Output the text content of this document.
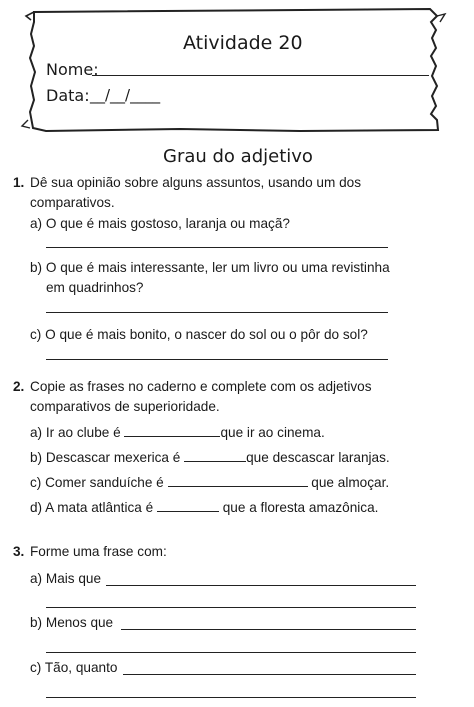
Atividade 20
Nome:
Data: __/__/____
Grau do adjetivo
1. Dê sua opinião sobre alguns assuntos, usando um dos
comparativos.
a) O que é mais gostoso, laranja ou maçã?
b) O que é mais interessante, ler um livro ou uma revistinha
em quadrinhos?
c) O que é mais bonito, o nascer do sol ou o pôr do sol?
2. Copie as frases no caderno e complete com os adjetivos
comparativos de superioridade.
a) Ir ao clube é	que ir ao cinema.
b) Descascar mexerica é	que descascar laranjas.
c) Comer sanduíche é	que almoçar.
d) A mata atlântica é	que a floresta amazônica.
3. Forme uma frase com:
a) Mais que
b) Menos que
c) Tão, quanto
